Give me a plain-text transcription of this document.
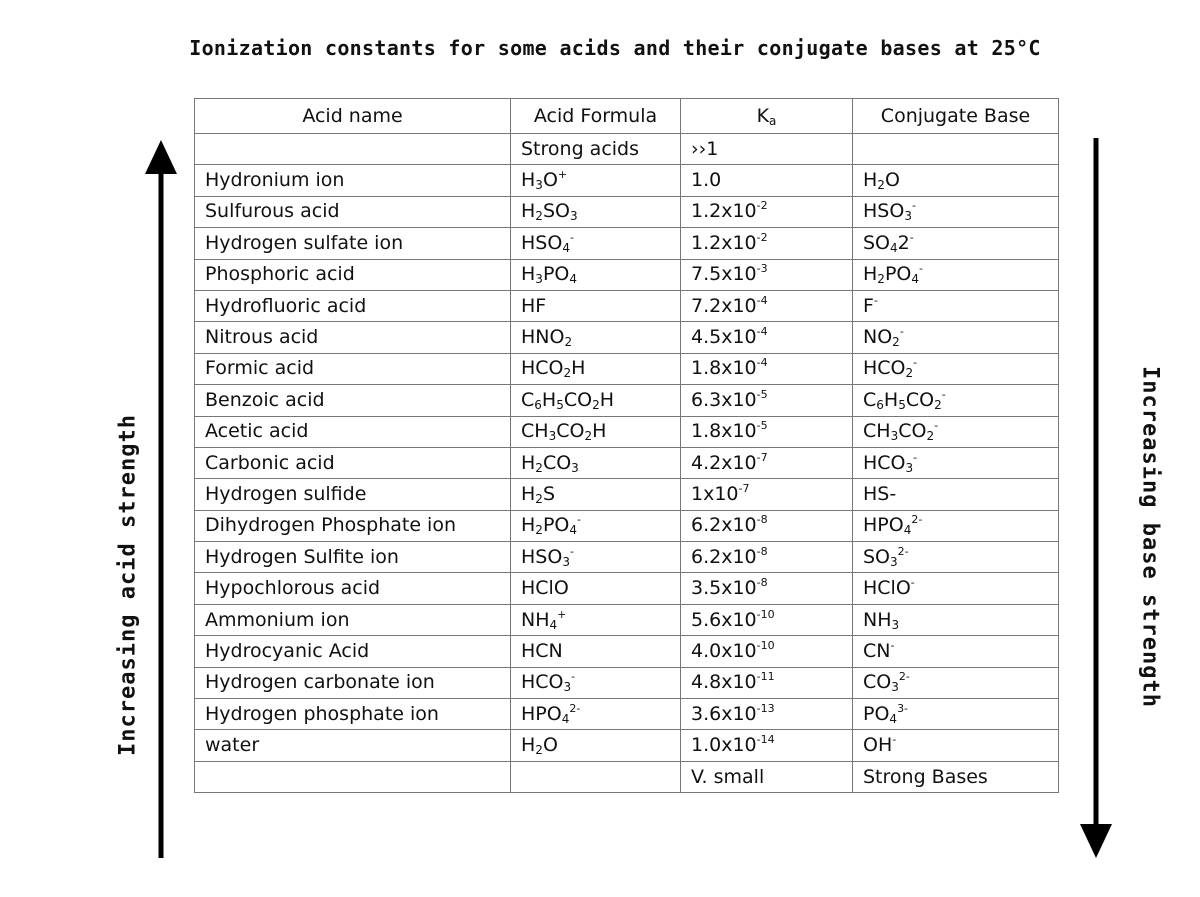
Ionization constants for some acids and their conjugate bases at 25°C
Increasing acid strength	Increasing base strength
Acid name	Acid Formula	$K_a$	Conjugate Base
	Strong acids	››1	
Hydronium ion	$H_3O^+$	1.0	$H_2O$
Sulfurous acid	$H_2SO_3$	$1.2x10^{-2}$	$HSO_3^-$
Hydrogen sulfate ion	$HSO_4^-$	$1.2x10^{-2}$	$SO_42^-$
Phosphoric acid	$H_3PO_4$	$7.5x10^{-3}$	$H_2PO_4^-$
Hydrofluoric acid	HF	$7.2x10^{-4}$	F-
Nitrous acid	$HNO_2$	$4.5x10^{-4}$	$NO_2^-$
Formic acid	$HCO_2H$	$1.8x10^{-4}$	$HCO_2^-$
Benzoic acid	$C_6H_5CO_2H$	$6.3x10^{-5}$	$C_6H_5CO_2^-$
Acetic acid	$CH_3CO_2H$	$1.8x10^{-5}$	$CH_3CO_2^-$
Carbonic acid	$H_2CO_3$	$4.2x10^{-7}$	$HCO_3^-$
Hydrogen sulfide	$H_2S$	$1x10^{-7}$	HS-
Dihydrogen Phosphate ion	$H_2PO_4^-$	$6.2x10^{-8}$	$HPO_4^{2-}$
Hydrogen Sulfite ion	$HSO_3^-$	$6.2x10^{-8}$	$SO_3^{2-}$
Hypochlorous acid	HClO	$3.5x10^{-8}$	HClO-
Ammonium ion	$NH_4^+$	$5.6x10^{-10}$	$NH_3$
Hydrocyanic Acid	HCN	$4.0x10^{-10}$	CN-
Hydrogen carbonate ion	$HCO_3^-$	$4.8x10^{-11}$	$CO_3^{2-}$
Hydrogen phosphate ion	$HPO_4^{2-}$	$3.6x10^{-13}$	$PO_4^{3-}$
water	$H_2O$	$1.0x10^{-14}$	OH-
		V. small	Strong Bases
